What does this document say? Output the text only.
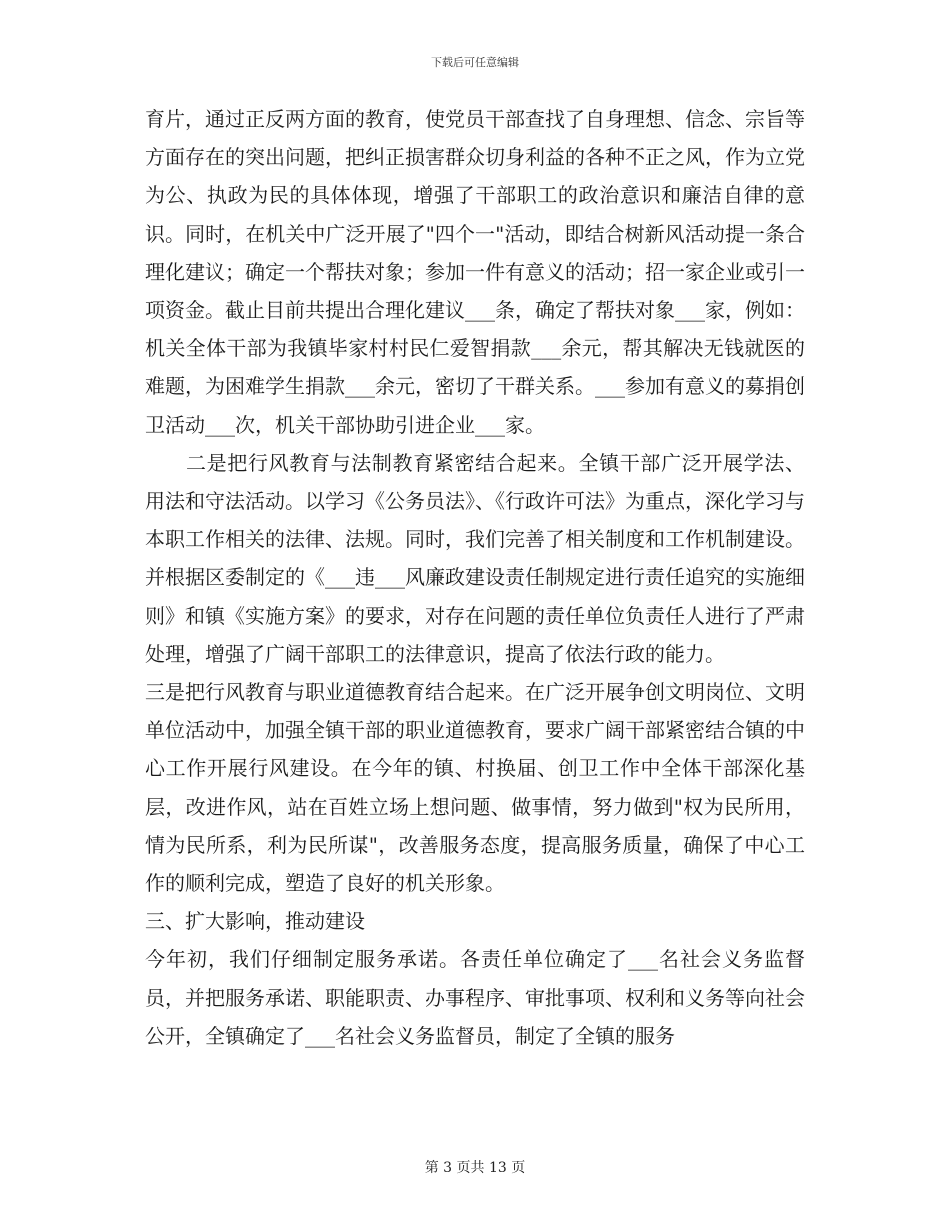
下载后可任意编辑

育片，通过正反两方面的教育，使党员干部查找了自身理想、信念、宗旨等方面存在的突出问题，把纠正损害群众切身利益的各种不正之风，作为立党为公、执政为民的具体体现，增强了干部职工的政治意识和廉洁自律的意识。同时，在机关中广泛开展了"四个一"活动，即结合树新风活动提一条合理化建议；确定一个帮扶对象；参加一件有意义的活动；招一家企业或引一项资金。截止目前共提出合理化建议___条，确定了帮扶对象___家，例如：机关全体干部为我镇毕家村村民仁爱智捐款___余元，帮其解决无钱就医的难题，为困难学生捐款___余元，密切了干群关系。___参加有意义的募捐创卫活动___次，机关干部协助引进企业___家。

二是把行风教育与法制教育紧密结合起来。全镇干部广泛开展学法、用法和守法活动。以学习《公务员法》、《行政许可法》为重点，深化学习与本职工作相关的法律、法规。同时，我们完善了相关制度和工作机制建设。并根据区委制定的《___违___风廉政建设责任制规定进行责任追究的实施细则》和镇《实施方案》的要求，对存在问题的责任单位负责任人进行了严肃处理，增强了广阔干部职工的法律意识，提高了依法行政的能力。

三是把行风教育与职业道德教育结合起来。在广泛开展争创文明岗位、文明单位活动中，加强全镇干部的职业道德教育，要求广阔干部紧密结合镇的中心工作开展行风建设。在今年的镇、村换届、创卫工作中全体干部深化基层，改进作风，站在百姓立场上想问题、做事情，努力做到"权为民所用，情为民所系，利为民所谋"，改善服务态度，提高服务质量，确保了中心工作的顺利完成，塑造了良好的机关形象。

三、扩大影响，推动建设

今年初，我们仔细制定服务承诺。各责任单位确定了___名社会义务监督员，并把服务承诺、职能职责、办事程序、审批事项、权利和义务等向社会公开，全镇确定了___名社会义务监督员，制定了全镇的服务

第 3 页共 13 页
